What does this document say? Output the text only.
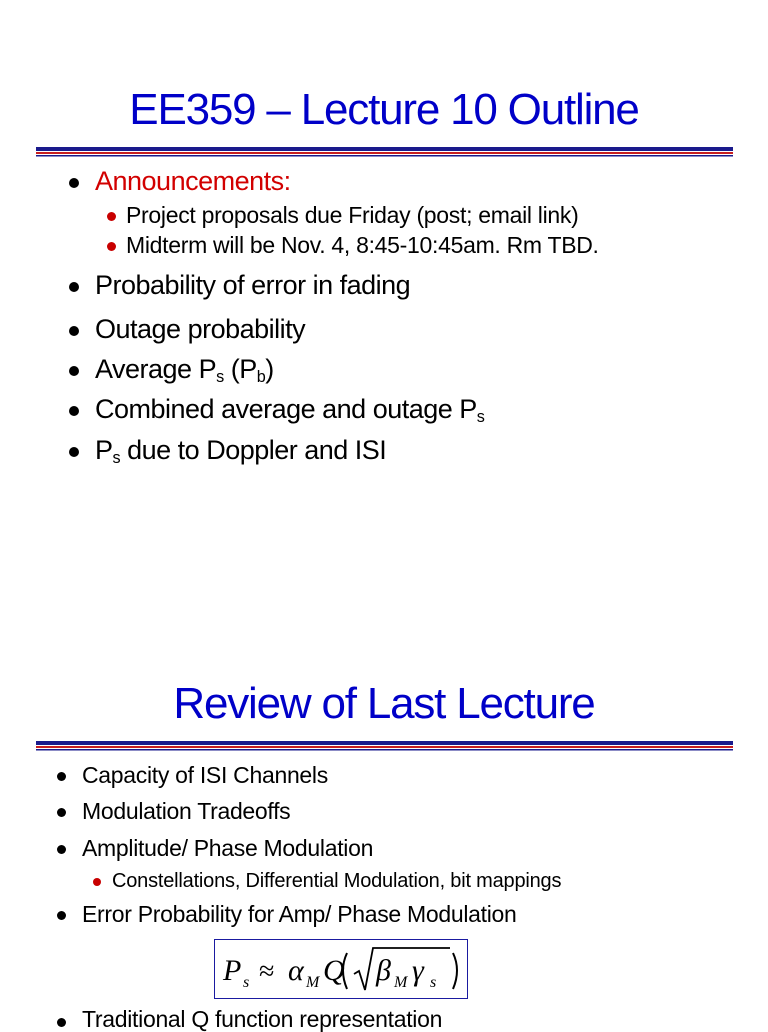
EE359 – Lecture 10 Outline
Announcements:
Project proposals due Friday (post; email link)
Midterm will be Nov. 4, 8:45-10:45am. Rm TBD.
Probability of error in fading
Outage probability
Average $P_s$ $(P_b)$
Combined average and outage $P_s$
$P_s$ due to Doppler and ISI
Review of Last Lecture
Capacity of ISI Channels
Modulation Tradeoffs
Amplitude/ Phase Modulation
Constellations, Differential Modulation, bit mappings
Error Probability for Amp/ Phase Modulation
Traditional Q function representation
P s ≈ α M Q β M γ s
